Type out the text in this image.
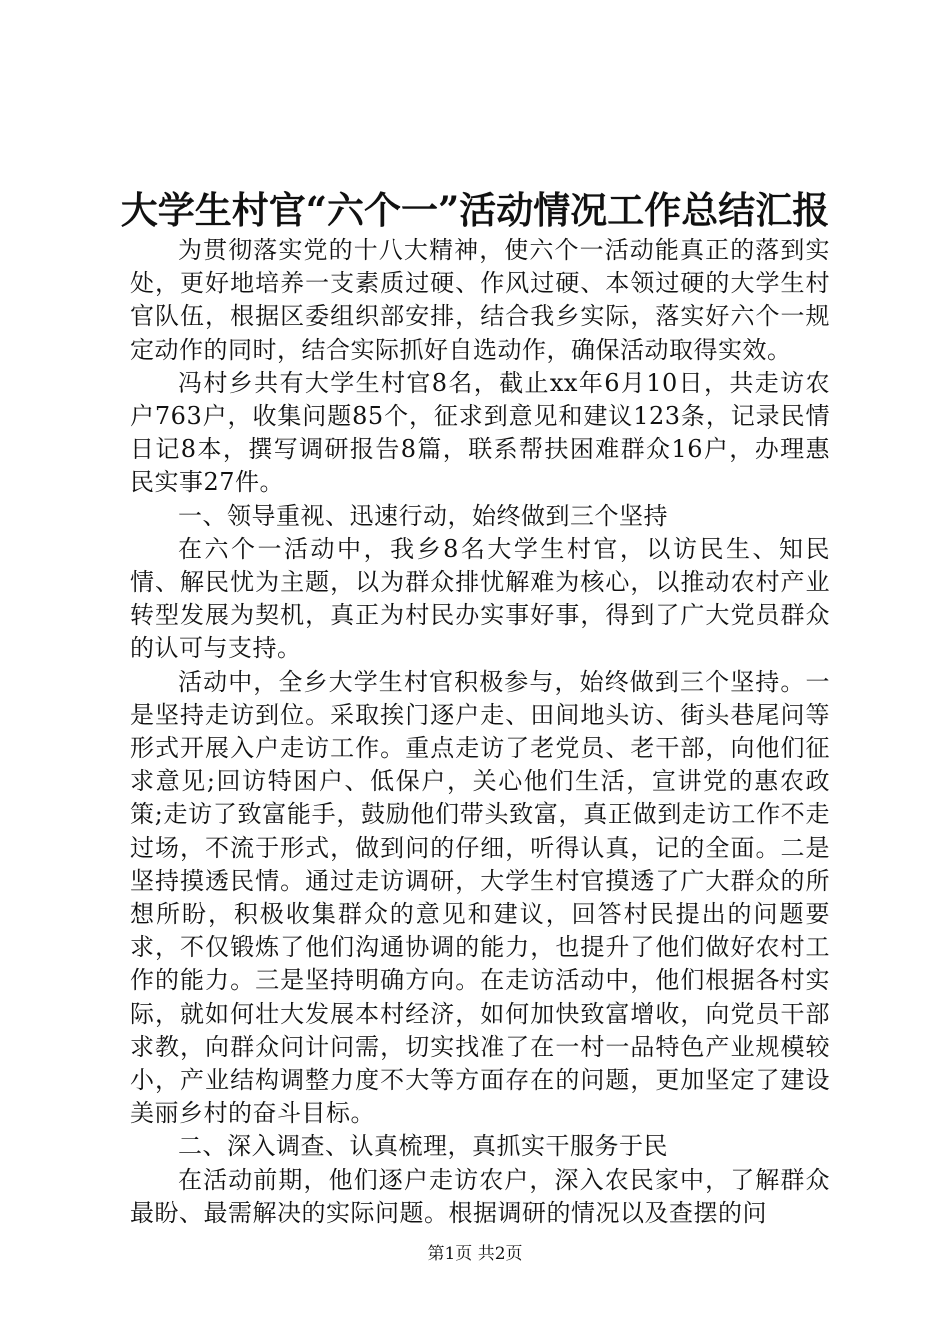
大学生村官“六个一”活动情况工作总结汇报

为贯彻落实党的十八大精神，使六个一活动能真正的落到实处，更好地培养一支素质过硬、作风过硬、本领过硬的大学生村官队伍，根据区委组织部安排，结合我乡实际，落实好六个一规定动作的同时，结合实际抓好自选动作，确保活动取得实效。

冯村乡共有大学生村官8名，截止xx年6月10日，共走访农户763户，收集问题85个，征求到意见和建议123条，记录民情日记8本，撰写调研报告8篇，联系帮扶困难群众16户，办理惠民实事27件。

一、领导重视、迅速行动，始终做到三个坚持

在六个一活动中，我乡8名大学生村官，以访民生、知民情、解民忧为主题，以为群众排忧解难为核心，以推动农村产业转型发展为契机，真正为村民办实事好事，得到了广大党员群众的认可与支持。

活动中，全乡大学生村官积极参与，始终做到三个坚持。一是坚持走访到位。采取挨门逐户走、田间地头访、街头巷尾问等形式开展入户走访工作。重点走访了老党员、老干部，向他们征求意见;回访特困户、低保户，关心他们生活，宣讲党的惠农政策;走访了致富能手，鼓励他们带头致富，真正做到走访工作不走过场，不流于形式，做到问的仔细，听得认真，记的全面。二是坚持摸透民情。通过走访调研，大学生村官摸透了广大群众的所想所盼，积极收集群众的意见和建议，回答村民提出的问题要求，不仅锻炼了他们沟通协调的能力，也提升了他们做好农村工作的能力。三是坚持明确方向。在走访活动中，他们根据各村实际，就如何壮大发展本村经济，如何加快致富增收，向党员干部求教，向群众问计问需，切实找准了在一村一品特色产业规模较小，产业结构调整力度不大等方面存在的问题，更加坚定了建设美丽乡村的奋斗目标。

二、深入调查、认真梳理，真抓实干服务于民

在活动前期，他们逐户走访农户，深入农民家中，了解群众最盼、最需解决的实际问题。根据调研的情况以及查摆的问

第1页 共2页
